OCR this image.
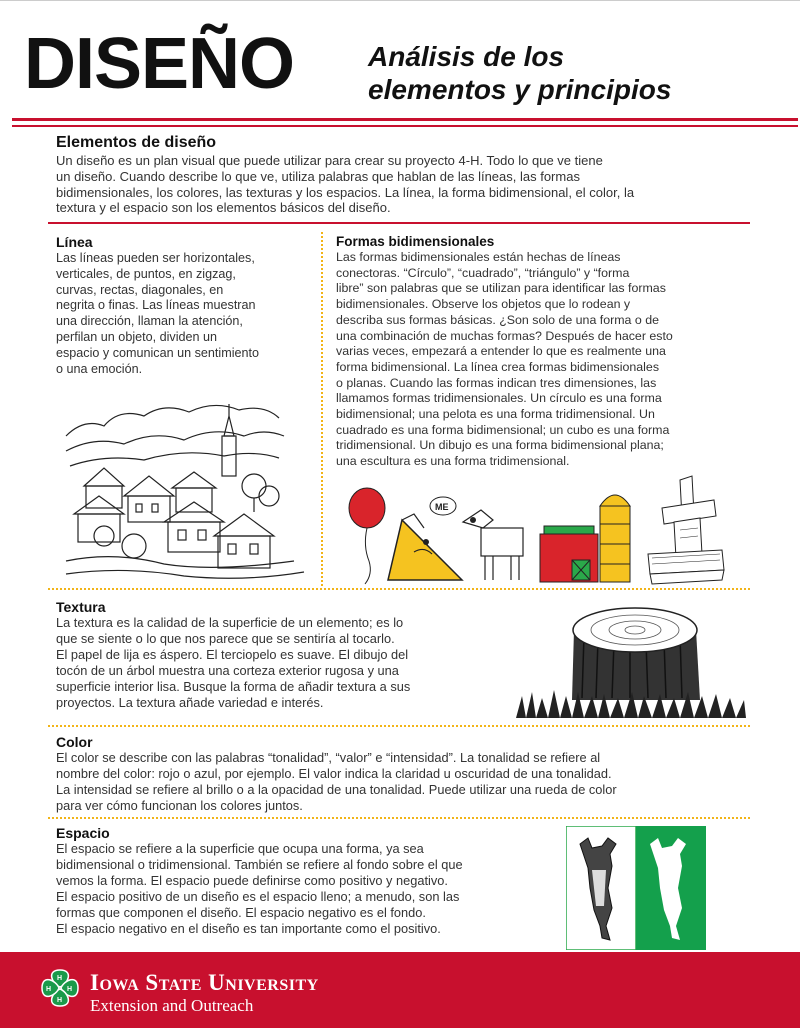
DISEÑO	Análisis de los
elementos y principios
Elementos de diseño
Un diseño es un plan visual que puede utilizar para crear su proyecto 4-H. Todo lo que ve tiene
un diseño. Cuando describe lo que ve, utiliza palabras que hablan de las líneas, las formas
bidimensionales, los colores, las texturas y los espacios. La línea, la forma bidimensional, el color, la
textura y el espacio son los elementos básicos del diseño.
Línea
Las líneas pueden ser horizontales,
verticales, de puntos, en zigzag,
curvas, rectas, diagonales, en
negrita o finas. Las líneas muestran
una dirección, llaman la atención,
perfilan un objeto, dividen un
espacio y comunican un sentimiento
o una emoción.
Formas bidimensionales
Las formas bidimensionales están hechas de líneas
conectoras. “Círculo”, “cuadrado”, “triángulo” y “forma
libre” son palabras que se utilizan para identificar las formas
bidimensionales. Observe los objetos que lo rodean y
describa sus formas básicas. ¿Son solo de una forma o de
una combinación de muchas formas? Después de hacer esto
varias veces, empezará a entender lo que es realmente una
forma bidimensional. La línea crea formas bidimensionales
o planas. Cuando las formas indican tres dimensiones, las
llamamos formas tridimensionales. Un círculo es una forma
bidimensional; una pelota es una forma tridimensional. Un
cuadrado es una forma bidimensional; un cubo es una forma
tridimensional. Un dibujo es una forma bidimensional plana;
una escultura es una forma tridimensional.
ME
Textura
La textura es la calidad de la superficie de un elemento; es lo
que se siente o lo que nos parece que se sentiría al tocarlo.
El papel de lija es áspero. El terciopelo es suave. El dibujo del
tocón de un árbol muestra una corteza exterior rugosa y una
superficie interior lisa. Busque la forma de añadir textura a sus
proyectos. La textura añade variedad e interés.
Color
El color se describe con las palabras “tonalidad”, “valor” e “intensidad”. La tonalidad se refiere al
nombre del color: rojo o azul, por ejemplo. El valor indica la claridad u oscuridad de una tonalidad.
La intensidad se refiere al brillo o a la opacidad de una tonalidad. Puede utilizar una rueda de color
para ver cómo funcionan los colores juntos.
Espacio
El espacio se refiere a la superficie que ocupa una forma, ya sea
bidimensional o tridimensional. También se refiere al fondo sobre el que
vemos la forma. El espacio puede definirse como positivo y negativo.
El espacio positivo de un diseño es el espacio lleno; a menudo, son las
formas que componen el diseño. El espacio negativo es el fondo.
El espacio negativo en el diseño es tan importante como el positivo.
H
H
H
H Iowa State University
Extension and Outreach
